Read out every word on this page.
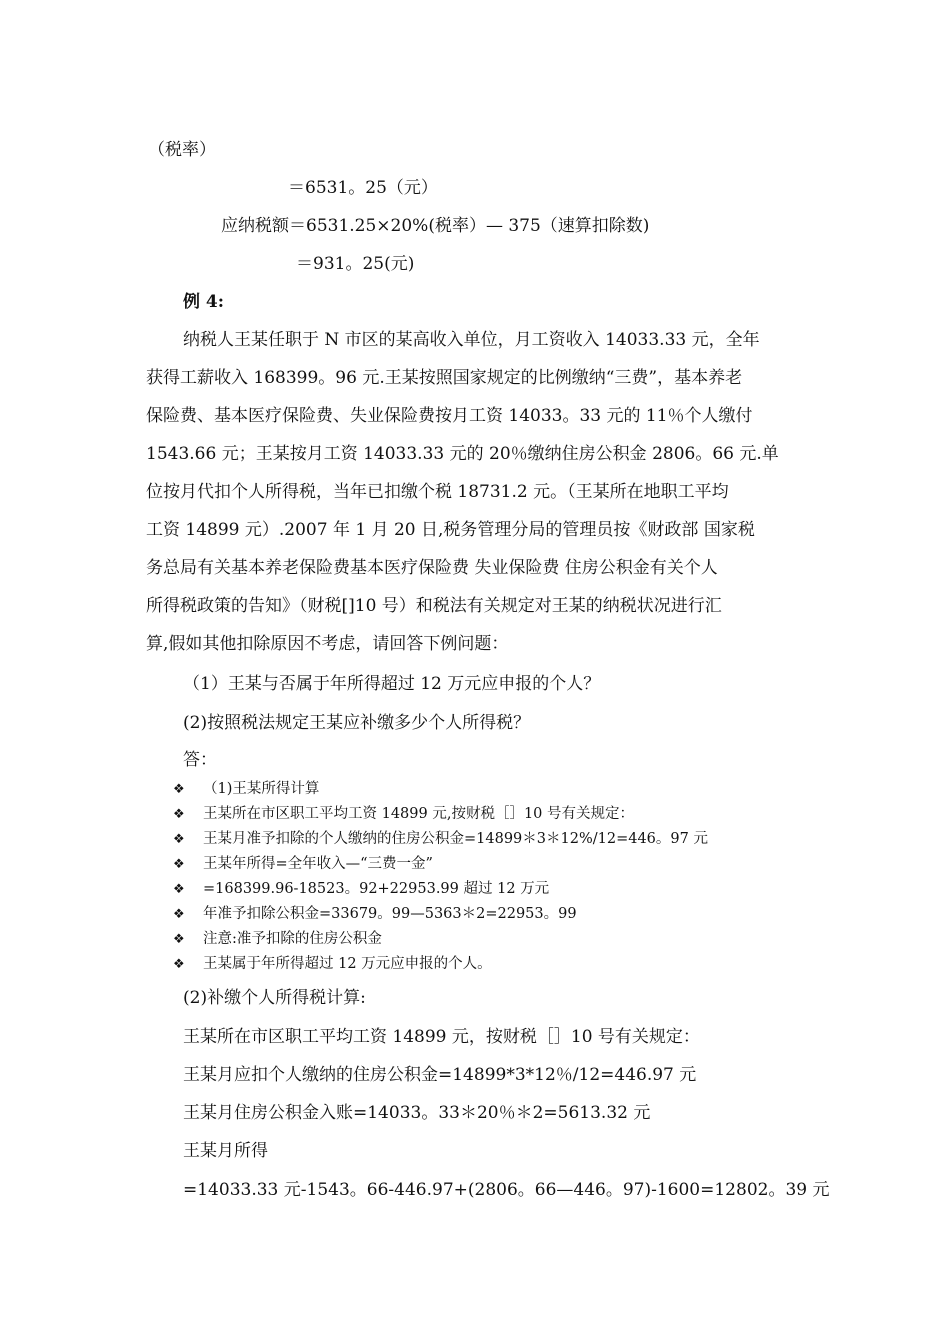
（税率）
＝6531。25（元）
应纳税额＝6531.25×20%(税率）— 375（速算扣除数)
＝931。25(元)
例 4:
纳税人王某任职于 N 市区的某高收入单位，月工资收入 14033.33 元，全年
获得工薪收入 168399。96 元.王某按照国家规定的比例缴纳“三费”，基本养老
保险费、基本医疗保险费、失业保险费按月工资 14033。33 元的 11％个人缴付
1543.66 元；王某按月工资 14033.33 元的 20％缴纳住房公积金 2806。66 元.单
位按月代扣个人所得税，当年已扣缴个税 18731.2 元。（王某所在地职工平均
工资 14899 元）.2007 年 1 月 20 日,税务管理分局的管理员按《财政部 国家税
务总局有关基本养老保险费基本医疗保险费 失业保险费 住房公积金有关个人
所得税政策的告知》（财税[]10 号）和税法有关规定对王某的纳税状况进行汇
算,假如其他扣除原因不考虑，请回答下例问题：
（1）王某与否属于年所得超过 12 万元应申报的个人？
(2)按照税法规定王某应补缴多少个人所得税？
答：
❖ （1)王某所得计算
❖ 王某所在市区职工平均工资 14899 元,按财税［］10 号有关规定：
❖ 王某月准予扣除的个人缴纳的住房公积金=14899＊3＊12%/12=446。97 元
❖ 王某年所得=全年收入—“三费一金”
❖ =168399.96-18523。92+22953.99 超过 12 万元
❖ 年准予扣除公积金=33679。99—5363＊2=22953。99
❖ 注意:准予扣除的住房公积金
❖ 王某属于年所得超过 12 万元应申报的个人。
(2)补缴个人所得税计算:
王某所在市区职工平均工资 14899 元，按财税［］10 号有关规定：
王某月应扣个人缴纳的住房公积金=14899*3*12％/12=446.97 元
王某月住房公积金入账=14033。33＊20％＊2=5613.32 元
王某月所得
=14033.33 元-1543。66-446.97+(2806。66—446。97)-1600=12802。39 元
